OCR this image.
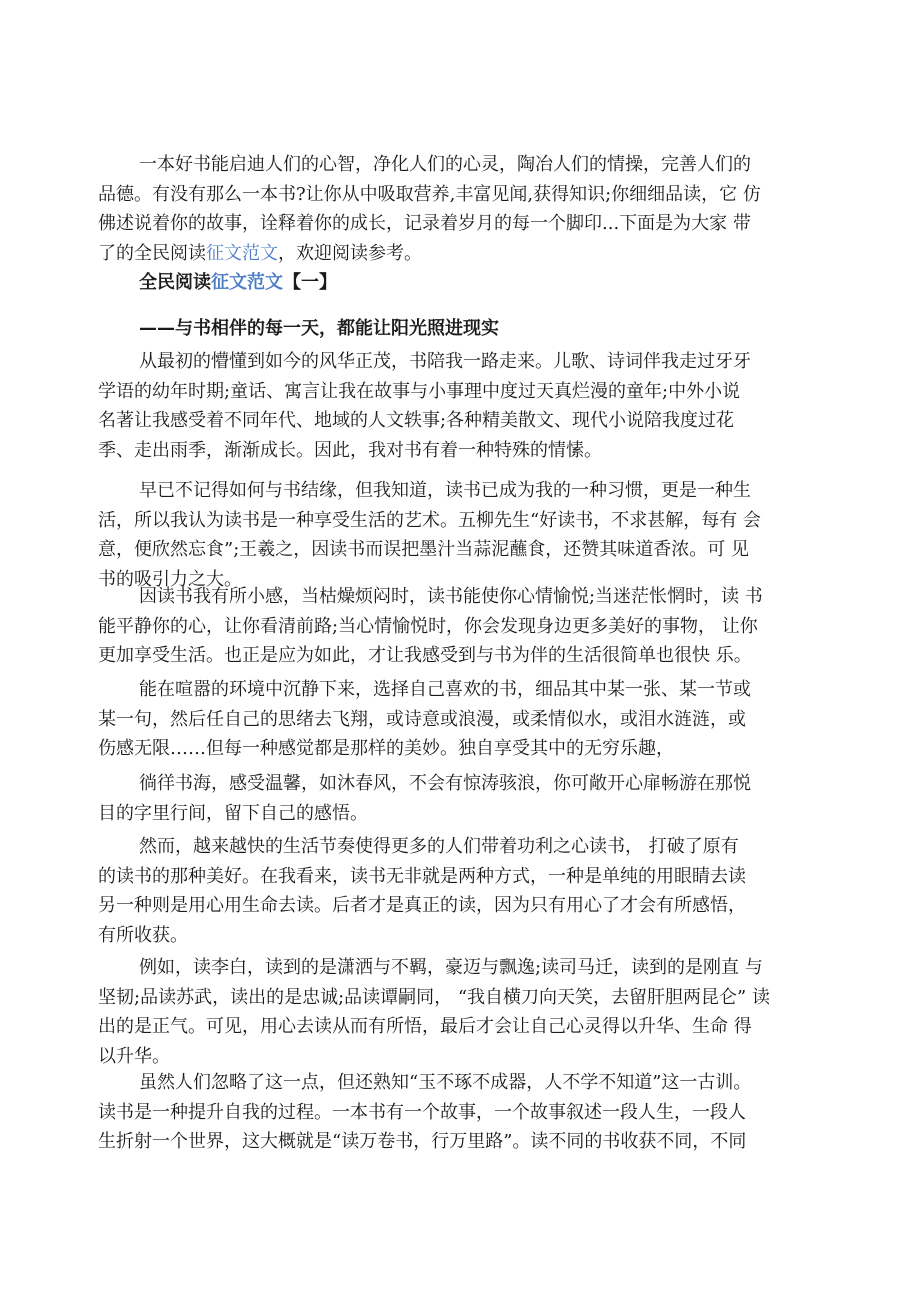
一本好书能启迪人们的心智，净化人们的心灵，陶冶人们的情操，完善人们的
品德。有没有那么一本书?让你从中吸取营养,丰富见闻,获得知识;你细细品读，它 仿
佛述说着你的故事，诠释着你的成长，记录着岁月的每一个脚印...下面是为大家 带
了的全民阅读征文范文，欢迎阅读参考。
全民阅读征文范文【一】
——与书相伴的每一天，都能让阳光照进现实
从最初的懵懂到如今的风华正茂，书陪我一路走来。儿歌、诗词伴我走过牙牙
学语的幼年时期;童话、寓言让我在故事与小事理中度过天真烂漫的童年;中外小说
名著让我感受着不同年代、地域的人文轶事;各种精美散文、现代小说陪我度过花
季、走出雨季，渐渐成长。因此，我对书有着一种特殊的情愫。
早已不记得如何与书结缘，但我知道，读书已成为我的一种习惯，更是一种生
活，所以我认为读书是一种享受生活的艺术。五柳先生“好读书，不求甚解，每有 会
意，便欣然忘食”;王羲之，因读书而误把墨汁当蒜泥蘸食，还赞其味道香浓。可 见
书的吸引力之大。
因读书我有所小感，当枯燥烦闷时，读书能使你心情愉悦;当迷茫怅惘时，读 书
能平静你的心，让你看清前路;当心情愉悦时，你会发现身边更多美好的事物， 让你
更加享受生活。也正是应为如此，才让我感受到与书为伴的生活很简单也很快 乐。
能在喧嚣的环境中沉静下来，选择自己喜欢的书，细品其中某一张、某一节或
某一句，然后任自己的思绪去飞翔，或诗意或浪漫，或柔情似水，或泪水涟涟，或
伤感无限……但每一种感觉都是那样的美妙。独自享受其中的无穷乐趣，
徜徉书海，感受温馨，如沐春风，不会有惊涛骇浪，你可敞开心扉畅游在那悦
目的字里行间，留下自己的感悟。
然而，越来越快的生活节奏使得更多的人们带着功利之心读书， 打破了原有
的读书的那种美好。在我看来，读书无非就是两种方式，一种是单纯的用眼睛去读
另一种则是用心用生命去读。后者才是真正的读，因为只有用心了才会有所感悟，
有所收获。
例如，读李白，读到的是潇洒与不羁，豪迈与飘逸;读司马迁，读到的是刚直 与
坚韧;品读苏武，读出的是忠诚;品读谭嗣同， “我自横刀向天笑，去留肝胆两昆仑” 读
出的是正气。可见，用心去读从而有所悟，最后才会让自己心灵得以升华、生命 得
以升华。
虽然人们忽略了这一点，但还熟知“玉不琢不成器，人不学不知道”这一古训。
读书是一种提升自我的过程。一本书有一个故事，一个故事叙述一段人生，一段人
生折射一个世界，这大概就是“读万卷书，行万里路”。读不同的书收获不同，不同
